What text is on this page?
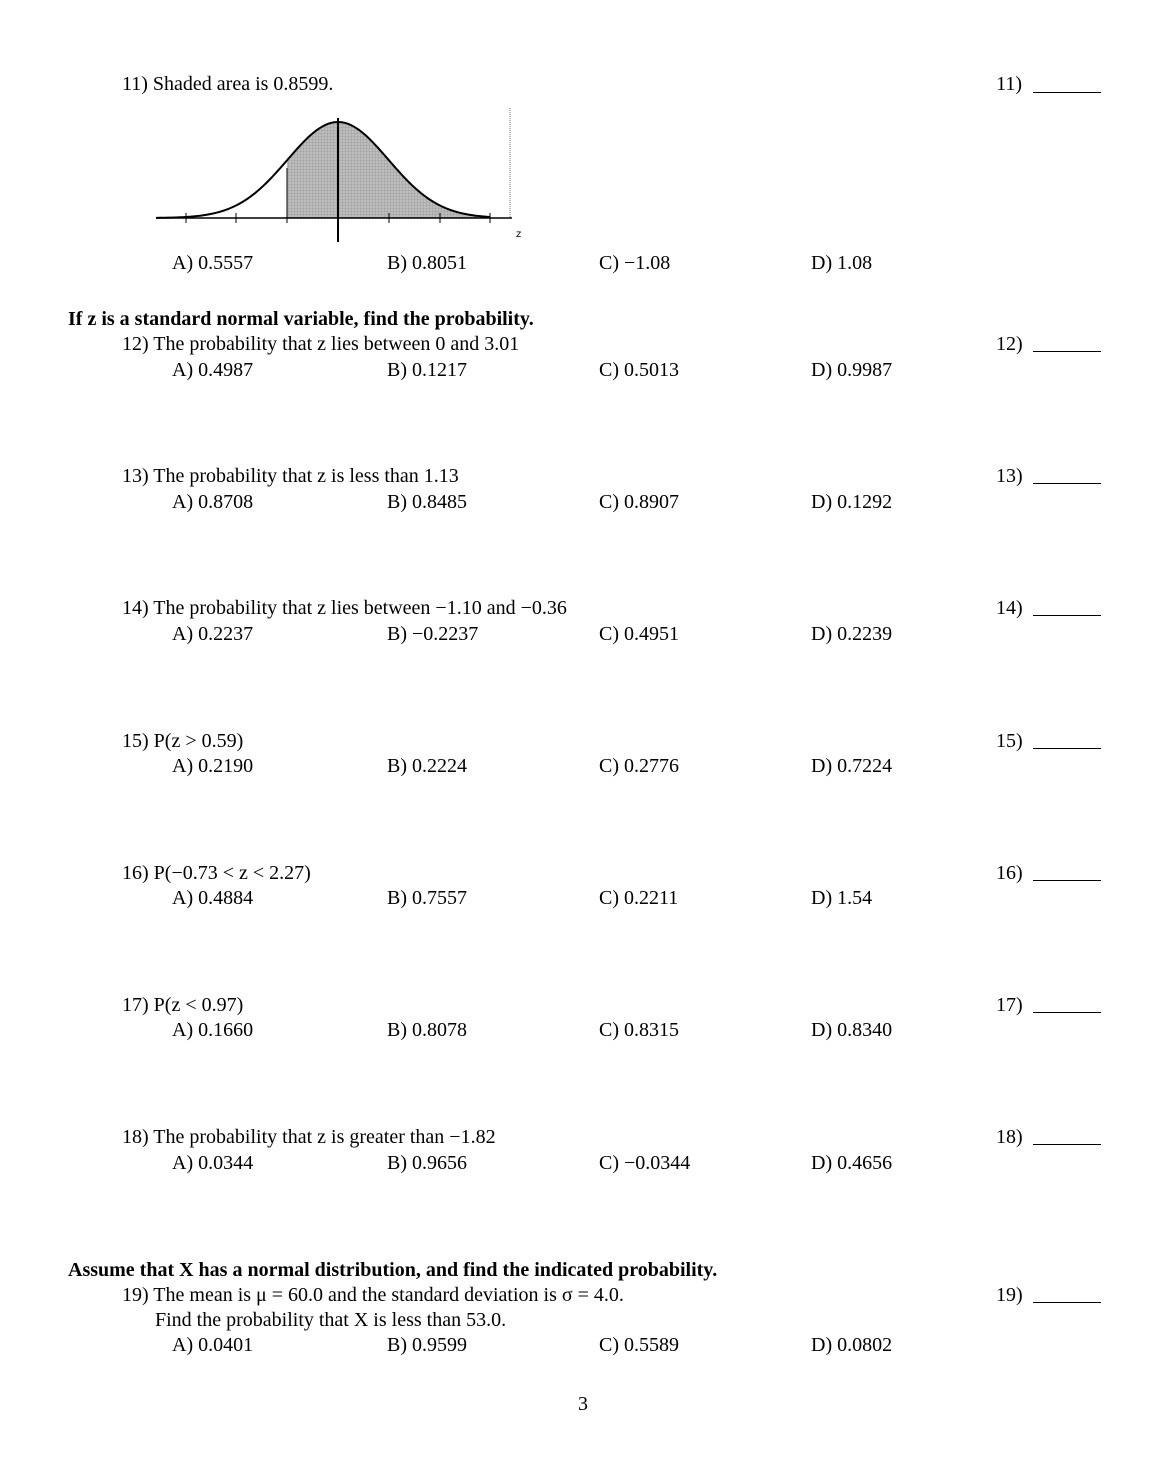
11) Shaded area is 0.8599.	11)
z
A) 0.5557	B) 0.8051	C) −1.08	D) 1.08
If z is a standard normal variable, find the probability.
12) The probability that z lies between 0 and 3.01	12)
A) 0.4987	B) 0.1217	C) 0.5013	D) 0.9987
13) The probability that z is less than 1.13	13)
A) 0.8708	B) 0.8485	C) 0.8907	D) 0.1292
14) The probability that z lies between −1.10 and −0.36	14)
A) 0.2237	B) −0.2237	C) 0.4951	D) 0.2239
15) P(z > 0.59)	15)
A) 0.2190	B) 0.2224	C) 0.2776	D) 0.7224
16) P(−0.73 < z < 2.27)	16)
A) 0.4884	B) 0.7557	C) 0.2211	D) 1.54
17) P(z < 0.97)	17)
A) 0.1660	B) 0.8078	C) 0.8315	D) 0.8340
18) The probability that z is greater than −1.82	18)
A) 0.0344	B) 0.9656	C) −0.0344	D) 0.4656
Assume that X has a normal distribution, and find the indicated probability.
19) The mean is μ = 60.0 and the standard deviation is σ = 4.0.	19)
Find the probability that X is less than 53.0.
A) 0.0401	B) 0.9599	C) 0.5589	D) 0.0802
3
